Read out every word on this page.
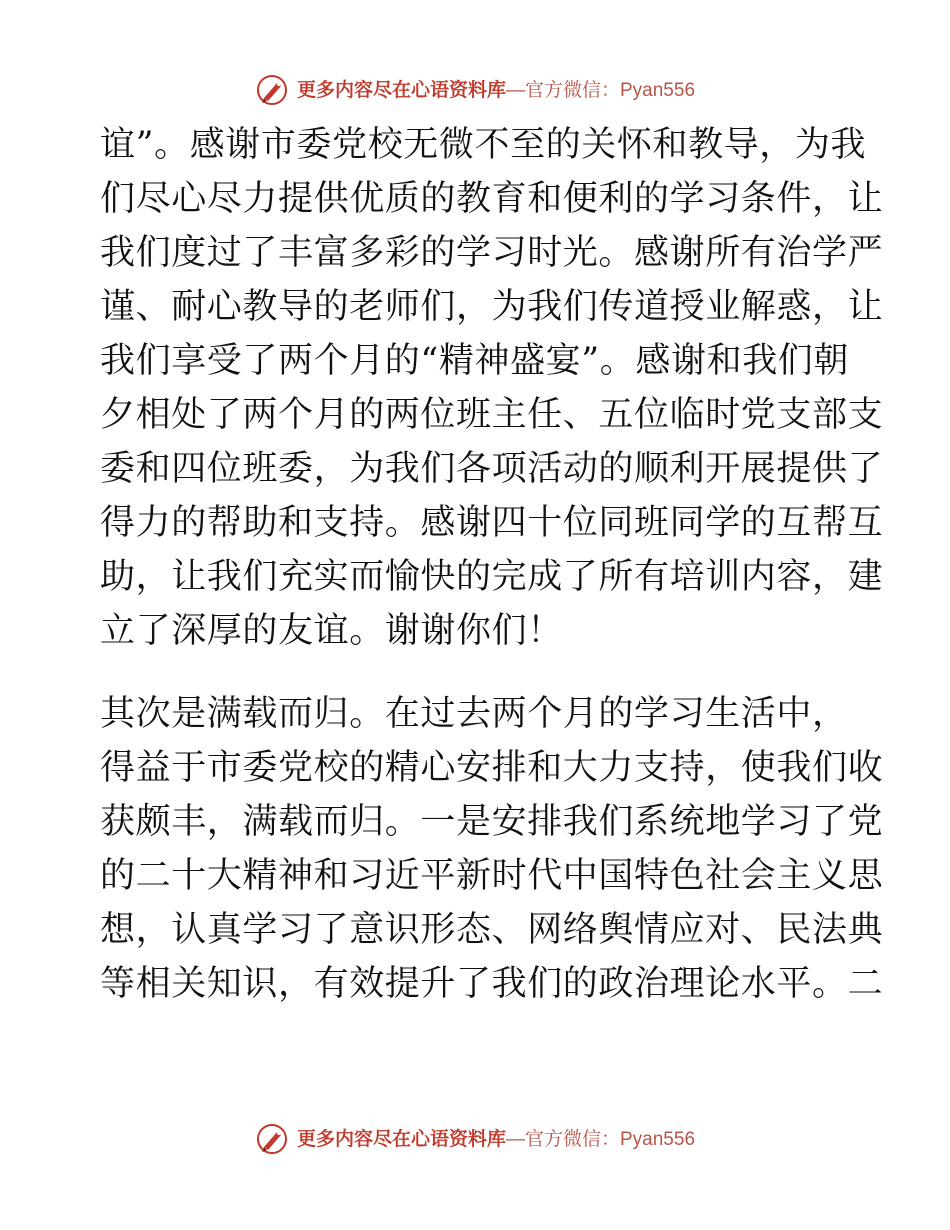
更多内容尽在心语资料库—官方微信：Pyan556
谊”。感谢市委党校无微不至的关怀和教导，为我
们尽心尽力提供优质的教育和便利的学习条件，让
我们度过了丰富多彩的学习时光。感谢所有治学严
谨、耐心教导的老师们，为我们传道授业解惑，让
我们享受了两个月的“精神盛宴”。感谢和我们朝
夕相处了两个月的两位班主任、五位临时党支部支
委和四位班委，为我们各项活动的顺利开展提供了
得力的帮助和支持。感谢四十位同班同学的互帮互
助，让我们充实而愉快的完成了所有培训内容，建
立了深厚的友谊。谢谢你们！
其次是满载而归。在过去两个月的学习生活中，
得益于市委党校的精心安排和大力支持，使我们收
获颇丰，满载而归。一是安排我们系统地学习了党
的二十大精神和习近平新时代中国特色社会主义思
想，认真学习了意识形态、网络舆情应对、民法典
等相关知识，有效提升了我们的政治理论水平。二
更多内容尽在心语资料库—官方微信：Pyan556
